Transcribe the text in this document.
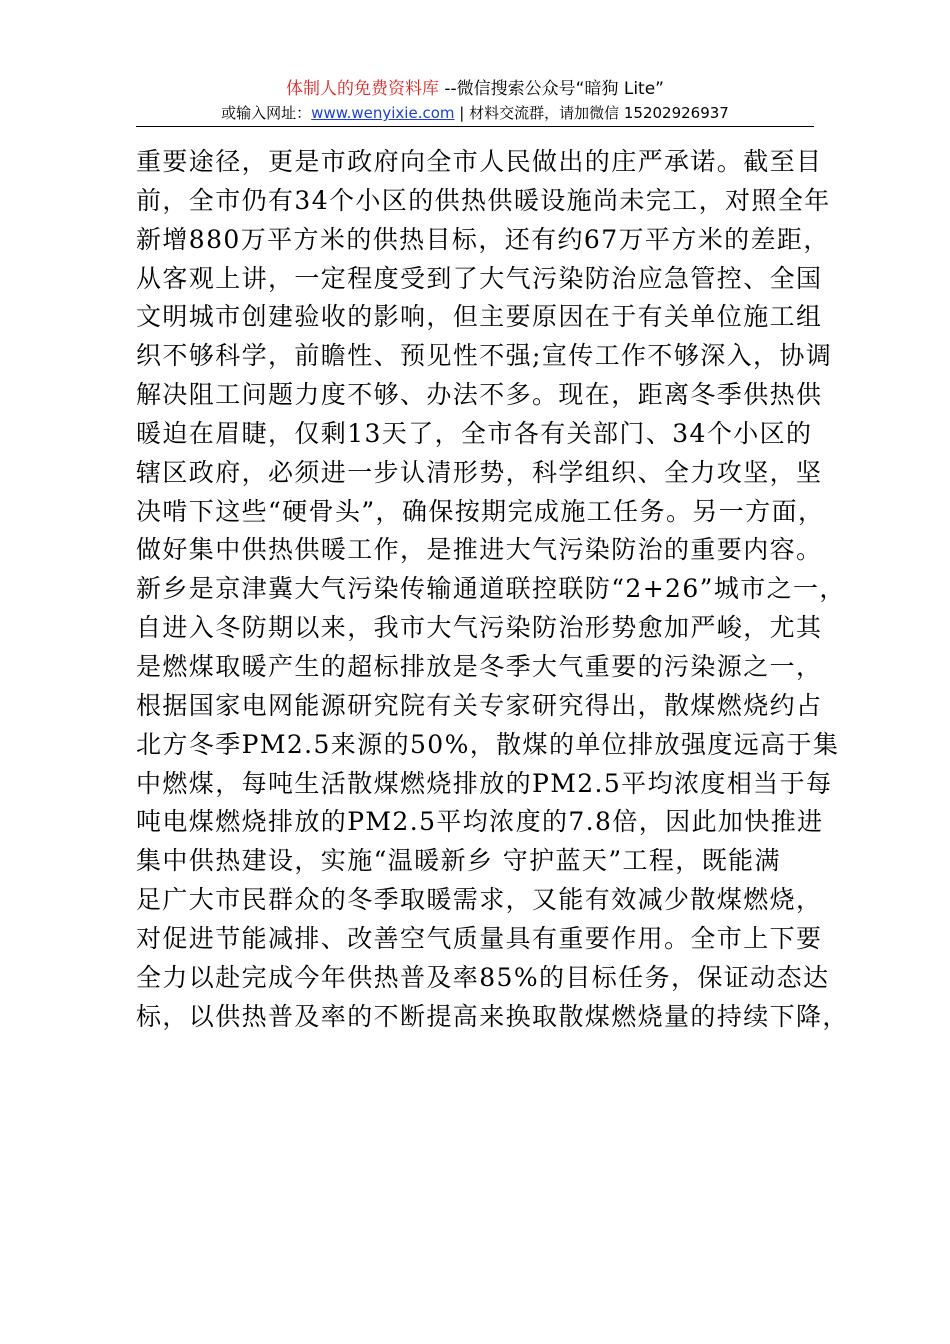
体制人的免费资料库 --微信搜索公众号“暗狗 Lite”
或输入网址：www.wenyixie.com | 材料交流群，请加微信 15202926937
重要途径，更是市政府向全市人民做出的庄严承诺。截至目
前，全市仍有34个小区的供热供暖设施尚未完工，对照全年
新增880万平方米的供热目标，还有约67万平方米的差距，
从客观上讲，一定程度受到了大气污染防治应急管控、全国
文明城市创建验收的影响，但主要原因在于有关单位施工组
织不够科学，前瞻性、预见性不强;宣传工作不够深入，协调
解决阻工问题力度不够、办法不多。现在，距离冬季供热供
暖迫在眉睫，仅剩13天了，全市各有关部门、34个小区的
辖区政府，必须进一步认清形势，科学组织、全力攻坚，坚
决啃下这些“硬骨头”，确保按期完成施工任务。另一方面，
做好集中供热供暖工作，是推进大气污染防治的重要内容。
新乡是京津冀大气污染传输通道联控联防“2+26”城市之一，
自进入冬防期以来，我市大气污染防治形势愈加严峻，尤其
是燃煤取暖产生的超标排放是冬季大气重要的污染源之一，
根据国家电网能源研究院有关专家研究得出，散煤燃烧约占
北方冬季PM2.5来源的50%，散煤的单位排放强度远高于集
中燃煤，每吨生活散煤燃烧排放的PM2.5平均浓度相当于每
吨电煤燃烧排放的PM2.5平均浓度的7.8倍，因此加快推进
集中供热建设，实施“温暖新乡 守护蓝天”工程，既能满
足广大市民群众的冬季取暖需求，又能有效减少散煤燃烧，
对促进节能减排、改善空气质量具有重要作用。全市上下要
全力以赴完成今年供热普及率85%的目标任务，保证动态达
标，以供热普及率的不断提高来换取散煤燃烧量的持续下降，
